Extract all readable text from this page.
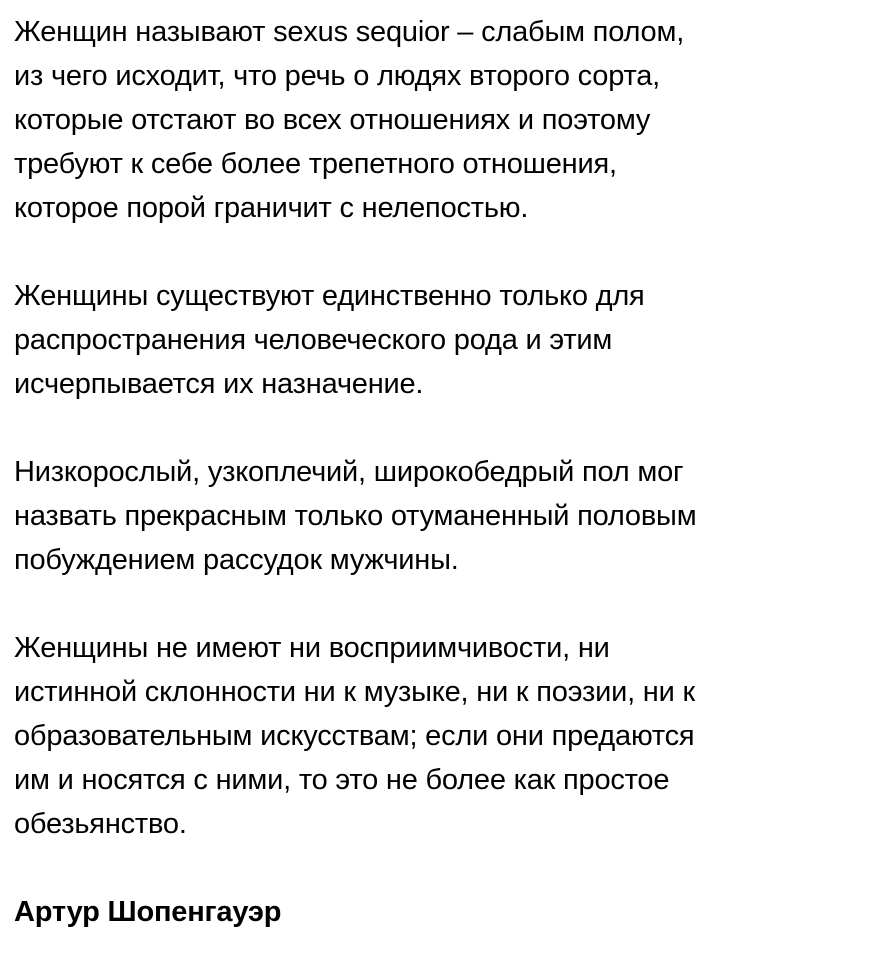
Женщин называют sexus sequior – слабым полом,
из чего исходит, что речь о людях второго сорта,
которые отстают во всех отношениях и поэтому
требуют к себе более трепетного отношения,
которое порой граничит с нелепостью.

Женщины существуют единственно только для
распространения человеческого рода и этим
исчерпывается их назначение.

Низкорослый, узкоплечий, широкобедрый пол мог
назвать прекрасным только отуманенный половым
побуждением рассудок мужчины.

Женщины не имеют ни восприимчивости, ни
истинной склонности ни к музыке, ни к поэзии, ни к
образовательным искусствам; если они предаются
им и носятся с ними, то это не более как простое
обезьянство.

Артур Шопенгауэр
